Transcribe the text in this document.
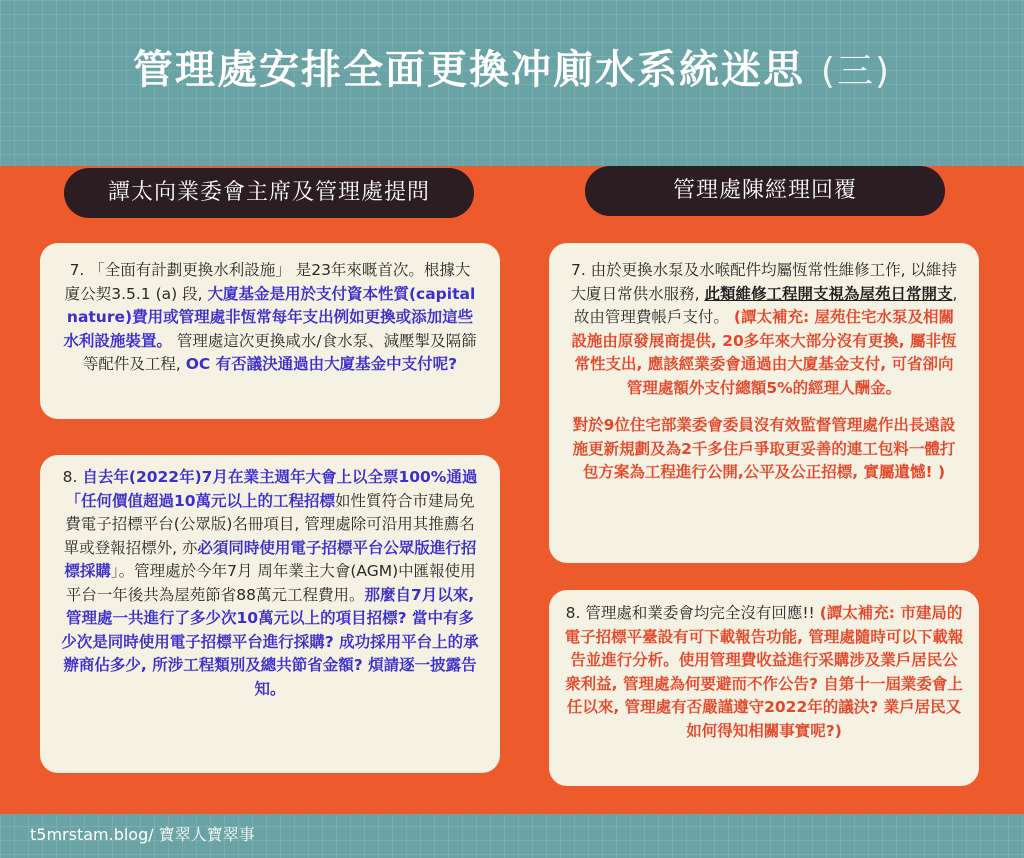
管理處安排全面更換冲廁水系統迷思 (三)
譚太向業委會主席及管理處提問	管理處陳經理回覆
7. 「全面有計劃更換水利設施」 是23年來嘅首次。根據大廈公契3.5.1 (a) 段, 大廈基金是用於支付資本性質(capital nature)費用或管理處非恆常每年支出例如更換或添加這些水利設施裝置。 管理處這次更換咸水/食水泵、減壓掣及隔篩等配件及工程, OC 有否議決通過由大廈基金中支付呢?
8. 自去年(2022年)7月在業主週年大會上以全票100%通過「任何價值超過10萬元以上的工程招標如性質符合市建局免費電子招標平台(公眾版)名冊項目, 管理處除可沿用其推薦名單或登報招標外, 亦必須同時使用電子招標平台公眾版進行招標採購」。管理處於今年7月 周年業主大會(AGM)中匯報使用平台一年後共為屋苑節省88萬元工程費用。那麼自7月以來, 管理處一共進行了多少次10萬元以上的項目招標? 當中有多少次是同時使用電子招標平台進行採購? 成功採用平台上的承辦商佔多少, 所涉工程類別及總共節省金額? 煩請逐一披露告知。
7. 由於更換水泵及水喉配件均屬恆常性維修工作, 以維持大廈日常供水服務, 此類維修工程開支視為屋苑日常開支, 故由管理費帳戶支付。 (譚太補充: 屋苑住宅水泵及相關設施由原發展商提供, 20多年來大部分沒有更換, 屬非恆常性支出, 應該經業委會通過由大廈基金支付, 可省卻向管理處額外支付總額5%的經理人酬金。
對於9位住宅部業委會委員沒有效監督管理處作出長遠設施更新規劃及為2千多住戶爭取更妥善的連工包料一體打包方案為工程進行公開,公平及公正招標, 實屬遺憾! )
8. 管理處和業委會均完全沒有回應!! (譚太補充: 市建局的電子招標平臺設有可下載報告功能, 管理處隨時可以下載報告並進行分析。使用管理費收益進行采購涉及業戶居民公衆利益, 管理處為何要避而不作公告? 自第十一屆業委會上任以來, 管理處有否嚴謹遵守2022年的議決? 業戶居民又如何得知相關事實呢?)
t5mrstam.blog/ 寶翠人寶翠事
